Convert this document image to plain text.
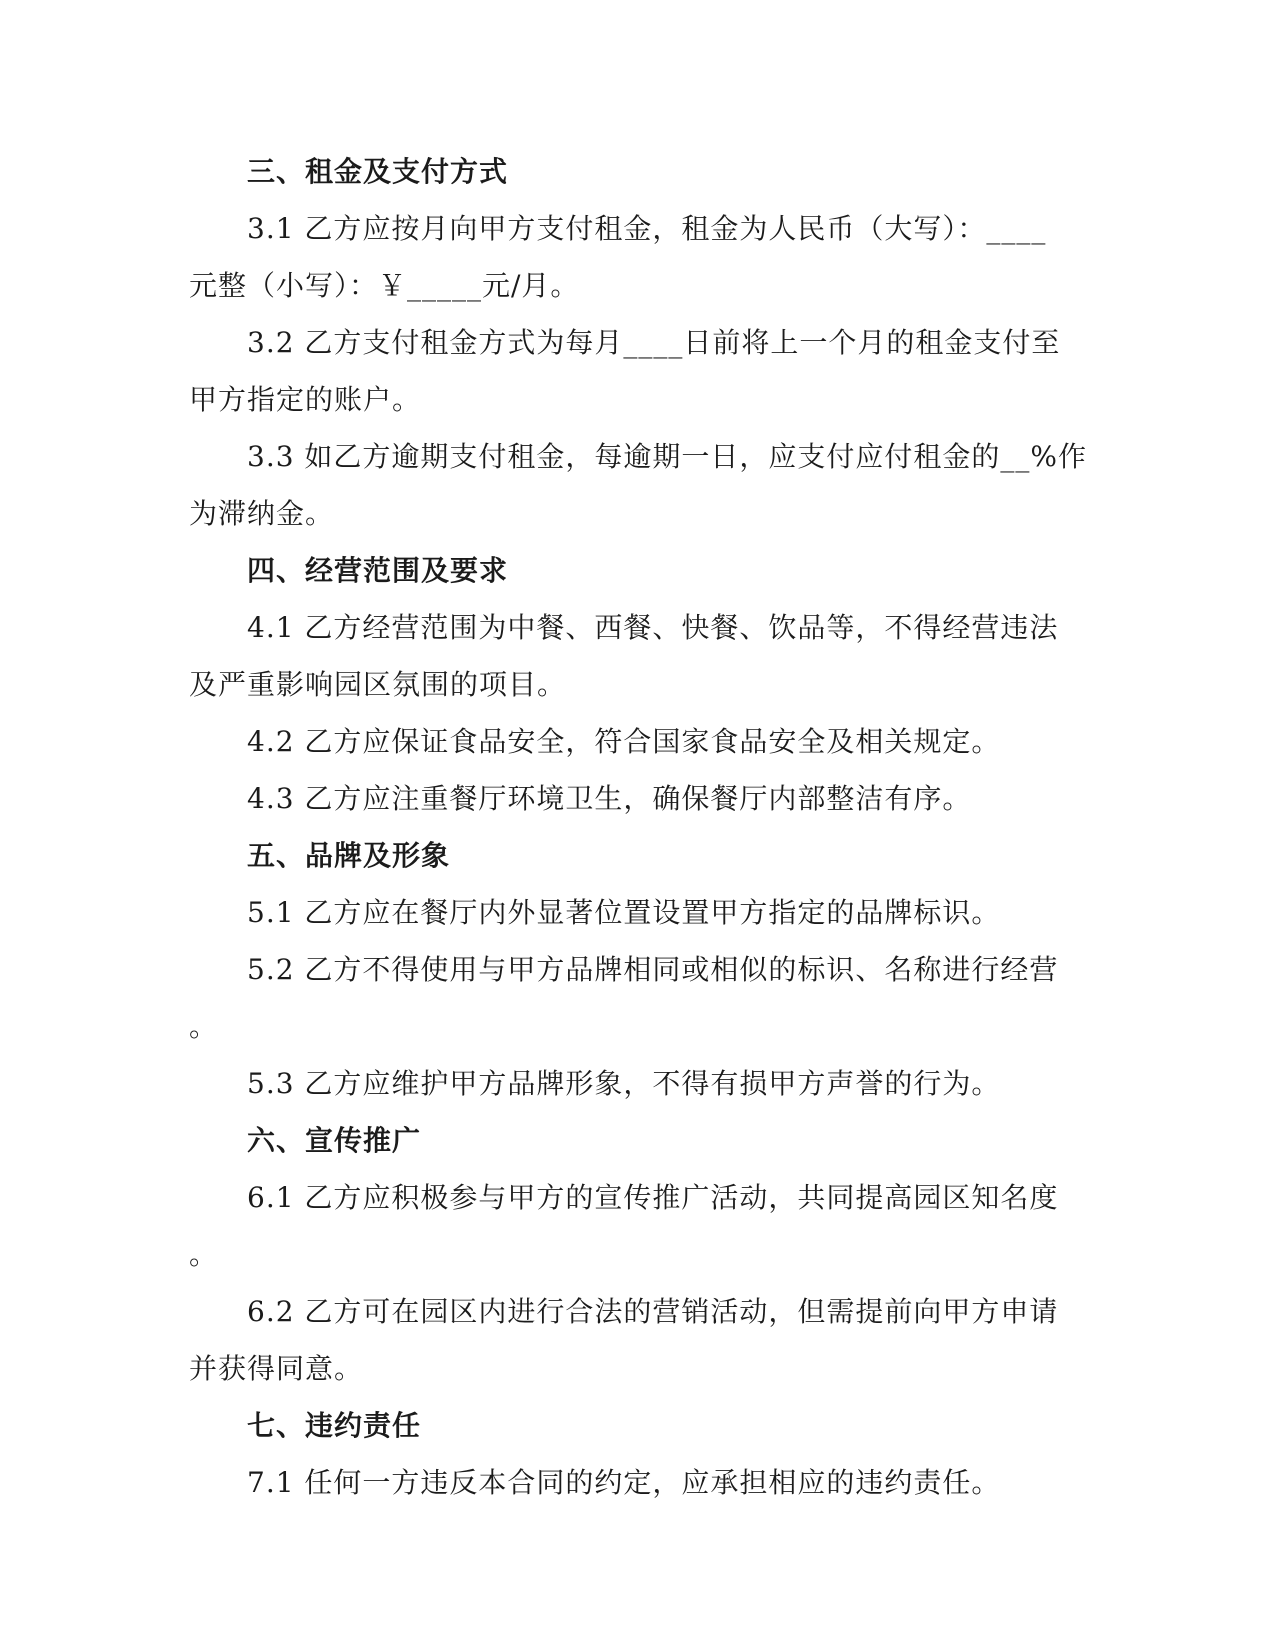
三、租金及支付方式
3.1 乙方应按月向甲方支付租金，租金为人民币（大写）：____
元整（小写）：￥_____元/月。
3.2 乙方支付租金方式为每月____日前将上一个月的租金支付至
甲方指定的账户。
3.3 如乙方逾期支付租金，每逾期一日，应支付应付租金的__%作
为滞纳金。
四、经营范围及要求
4.1 乙方经营范围为中餐、西餐、快餐、饮品等，不得经营违法
及严重影响园区氛围的项目。
4.2 乙方应保证食品安全，符合国家食品安全及相关规定。
4.3 乙方应注重餐厅环境卫生，确保餐厅内部整洁有序。
五、品牌及形象
5.1 乙方应在餐厅内外显著位置设置甲方指定的品牌标识。
5.2 乙方不得使用与甲方品牌相同或相似的标识、名称进行经营
。
5.3 乙方应维护甲方品牌形象，不得有损甲方声誉的行为。
六、宣传推广
6.1 乙方应积极参与甲方的宣传推广活动，共同提高园区知名度
。
6.2 乙方可在园区内进行合法的营销活动，但需提前向甲方申请
并获得同意。
七、违约责任
7.1 任何一方违反本合同的约定，应承担相应的违约责任。
